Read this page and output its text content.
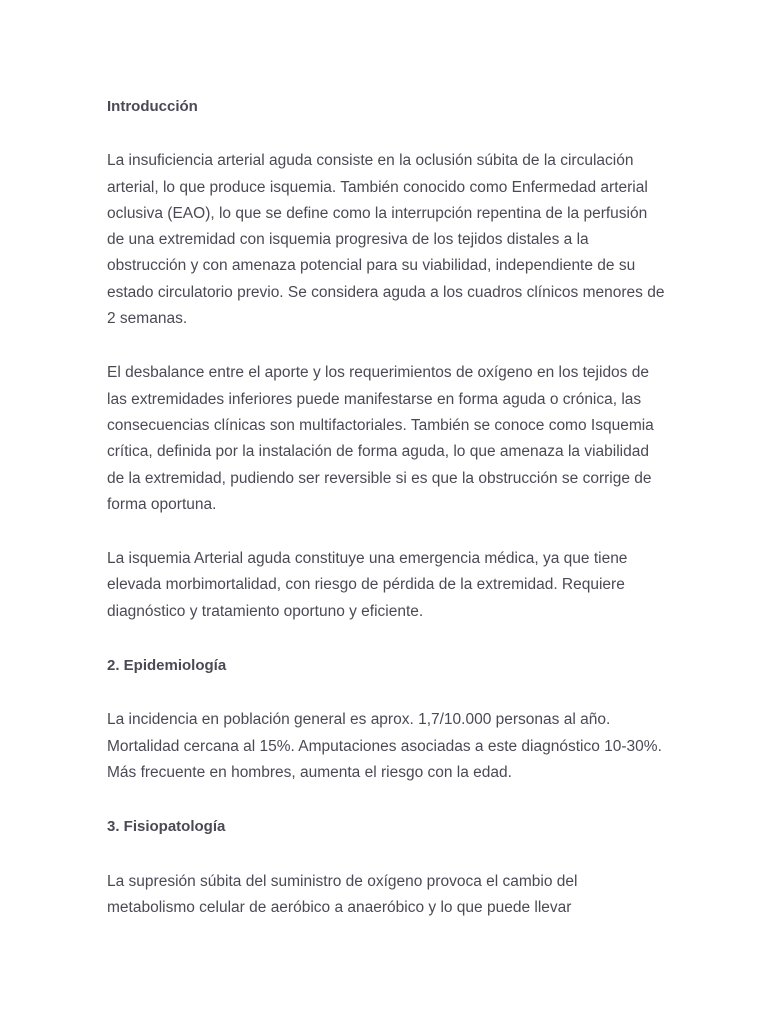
Introducción

La insuficiencia arterial aguda consiste en la oclusión súbita de la circulación arterial, lo que produce isquemia. También conocido como Enfermedad arterial oclusiva (EAO), lo que se define como la interrupción repentina de la perfusión de una extremidad con isquemia progresiva de los tejidos distales a la obstrucción y con amenaza potencial para su viabilidad, independiente de su estado circulatorio previo. Se considera aguda a los cuadros clínicos menores de 2 semanas.

El desbalance entre el aporte y los requerimientos de oxígeno en los tejidos de las extremidades inferiores puede manifestarse en forma aguda o crónica, las consecuencias clínicas son multifactoriales. También se conoce como Isquemia crítica, definida por la instalación de forma aguda, lo que amenaza la viabilidad de la extremidad, pudiendo ser reversible si es que la obstrucción se corrige de forma oportuna.

La isquemia Arterial aguda constituye una emergencia médica, ya que tiene elevada morbimortalidad, con riesgo de pérdida de la extremidad. Requiere diagnóstico y tratamiento oportuno y eficiente.

2. Epidemiología

La incidencia en población general es aprox. 1,7/10.000 personas al año. Mortalidad cercana al 15%. Amputaciones asociadas a este diagnóstico 10-30%. Más frecuente en hombres, aumenta el riesgo con la edad.

3. Fisiopatología

La supresión súbita del suministro de oxígeno provoca el cambio del metabolismo celular de aeróbico a anaeróbico y lo que puede llevar
